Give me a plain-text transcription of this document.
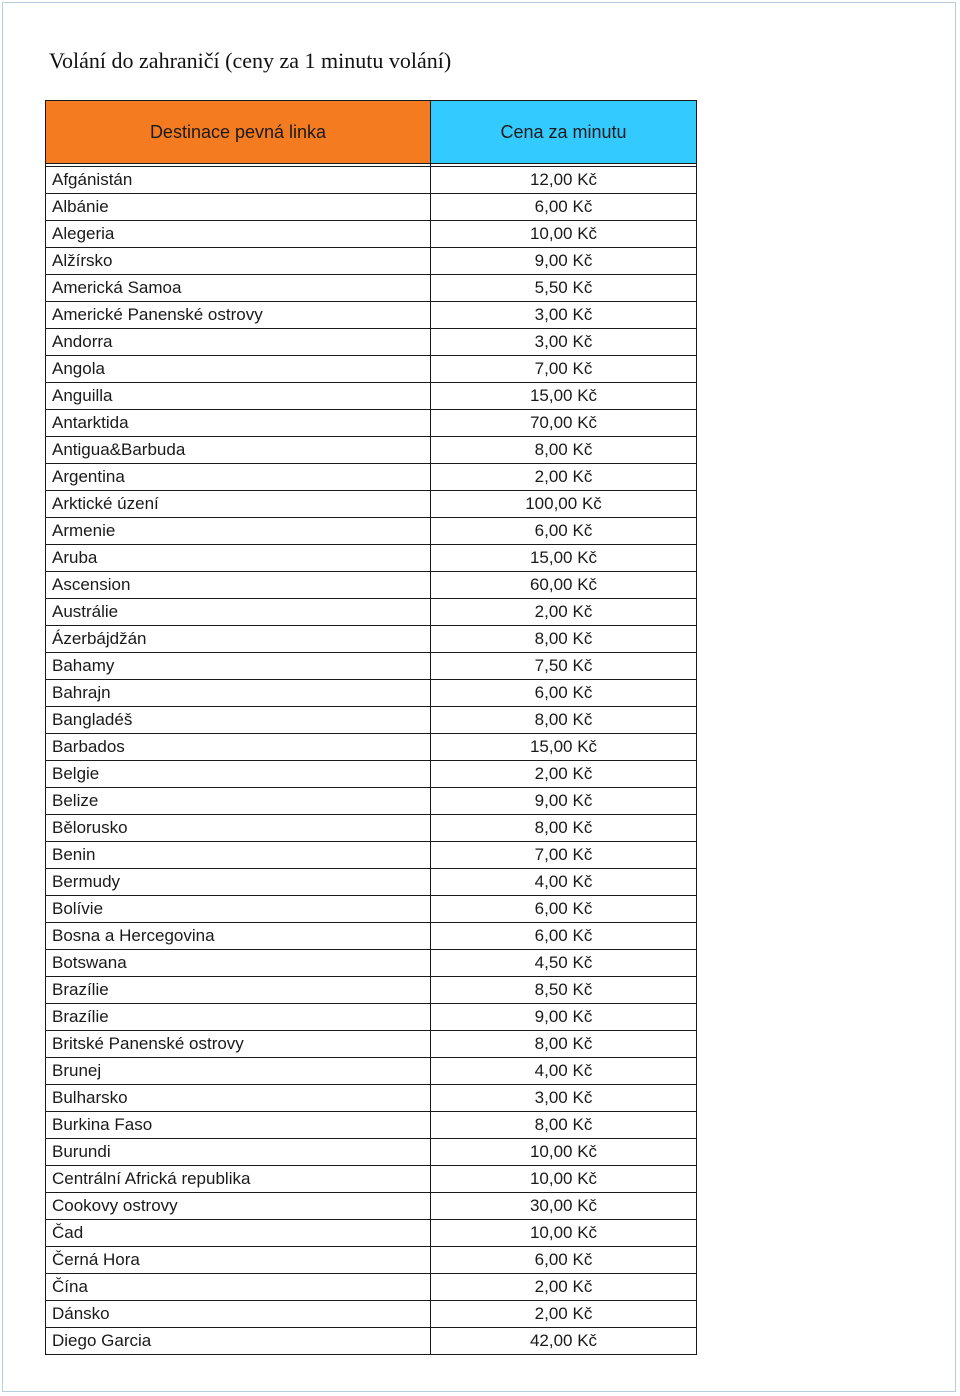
Volání do zahraničí (ceny za 1 minutu volání)
Destinace pevná linka	Cena za minutu

Afgánistán	12,00 Kč
Albánie	6,00 Kč
Alegeria	10,00 Kč
Alžírsko	9,00 Kč
Americká Samoa	5,50 Kč
Americké Panenské ostrovy	3,00 Kč
Andorra	3,00 Kč
Angola	7,00 Kč
Anguilla	15,00 Kč
Antarktida	70,00 Kč
Antigua&Barbuda	8,00 Kč
Argentina	2,00 Kč
Arktické úzení	100,00 Kč
Armenie	6,00 Kč
Aruba	15,00 Kč
Ascension	60,00 Kč
Austrálie	2,00 Kč
Ázerbájdžán	8,00 Kč
Bahamy	7,50 Kč
Bahrajn	6,00 Kč
Bangladéš	8,00 Kč
Barbados	15,00 Kč
Belgie	2,00 Kč
Belize	9,00 Kč
Bělorusko	8,00 Kč
Benin	7,00 Kč
Bermudy	4,00 Kč
Bolívie	6,00 Kč
Bosna a Hercegovina	6,00 Kč
Botswana	4,50 Kč
Brazílie	8,50 Kč
Brazílie	9,00 Kč
Britské Panenské ostrovy	8,00 Kč
Brunej	4,00 Kč
Bulharsko	3,00 Kč
Burkina Faso	8,00 Kč
Burundi	10,00 Kč
Centrální Africká republika	10,00 Kč
Cookovy ostrovy	30,00 Kč
Čad	10,00 Kč
Černá Hora	6,00 Kč
Čína	2,00 Kč
Dánsko	2,00 Kč
Diego Garcia	42,00 Kč
